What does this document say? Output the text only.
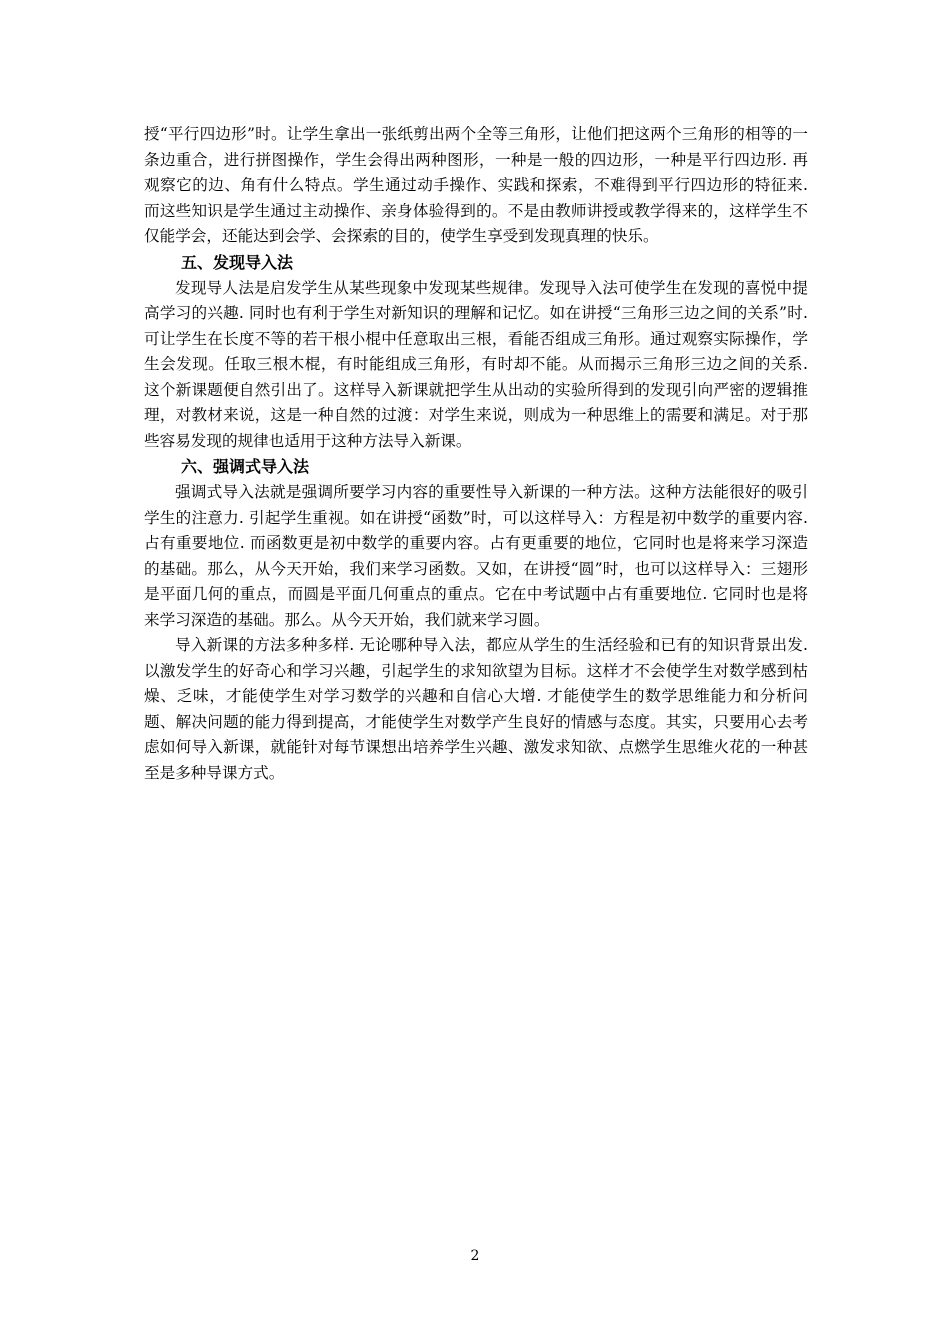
授“平行四边形”时。让学生拿出一张纸剪出两个全等三角形，让他们把这两个三角形的相等的一条边重合，进行拼图操作，学生会得出两种图形，一种是一般的四边形，一种是平行四边形. 再观察它的边、角有什么特点。学生通过动手操作、实践和探索，不难得到平行四边形的特征来. 而这些知识是学生通过主动操作、亲身体验得到的。不是由教师讲授或教学得来的，这样学生不仅能学会，还能达到会学、会探索的目的，使学生享受到发现真理的快乐。

五、发现导入法

发现导人法是启发学生从某些现象中发现某些规律。发现导入法可使学生在发现的喜悦中提高学习的兴趣. 同时也有利于学生对新知识的理解和记忆。如在讲授“三角形三边之间的关系”时. 可让学生在长度不等的若干根小棍中任意取出三根，看能否组成三角形。通过观察实际操作，学生会发现。任取三根木棍，有时能组成三角形，有时却不能。从而揭示三角形三边之间的关系. 这个新课题便自然引出了。这样导入新课就把学生从出动的实验所得到的发现引向严密的逻辑推理，对教材来说，这是一种自然的过渡：对学生来说，则成为一种思维上的需要和满足。对于那些容易发现的规律也适用于这种方法导入新课。

六、强调式导入法

强调式导入法就是强调所要学习内容的重要性导入新课的一种方法。这种方法能很好的吸引学生的注意力. 引起学生重视。如在讲授“函数”时，可以这样导入：方程是初中数学的重要内容. 占有重要地位. 而函数更是初中数学的重要内容。占有更重要的地位，它同时也是将来学习深造的基础。那么，从今天开始，我们来学习函数。又如，在讲授“圆”时，也可以这样导入：三翅形是平面几何的重点，而圆是平面几何重点的重点。它在中考试题中占有重要地位. 它同时也是将来学习深造的基础。那么。从今天开始，我们就来学习圆。

导入新课的方法多种多样. 无论哪种导入法，都应从学生的生活经验和已有的知识背景出发. 以激发学生的好奇心和学习兴趣，引起学生的求知欲望为目标。这样才不会使学生对数学感到枯燥、乏味，才能使学生对学习数学的兴趣和自信心大增. 才能使学生的数学思维能力和分析问题、解决问题的能力得到提高，才能使学生对数学产生良好的情感与态度。其实，只要用心去考虑如何导入新课，就能针对每节课想出培养学生兴趣、激发求知欲、点燃学生思维火花的一种甚至是多种导课方式。

2
